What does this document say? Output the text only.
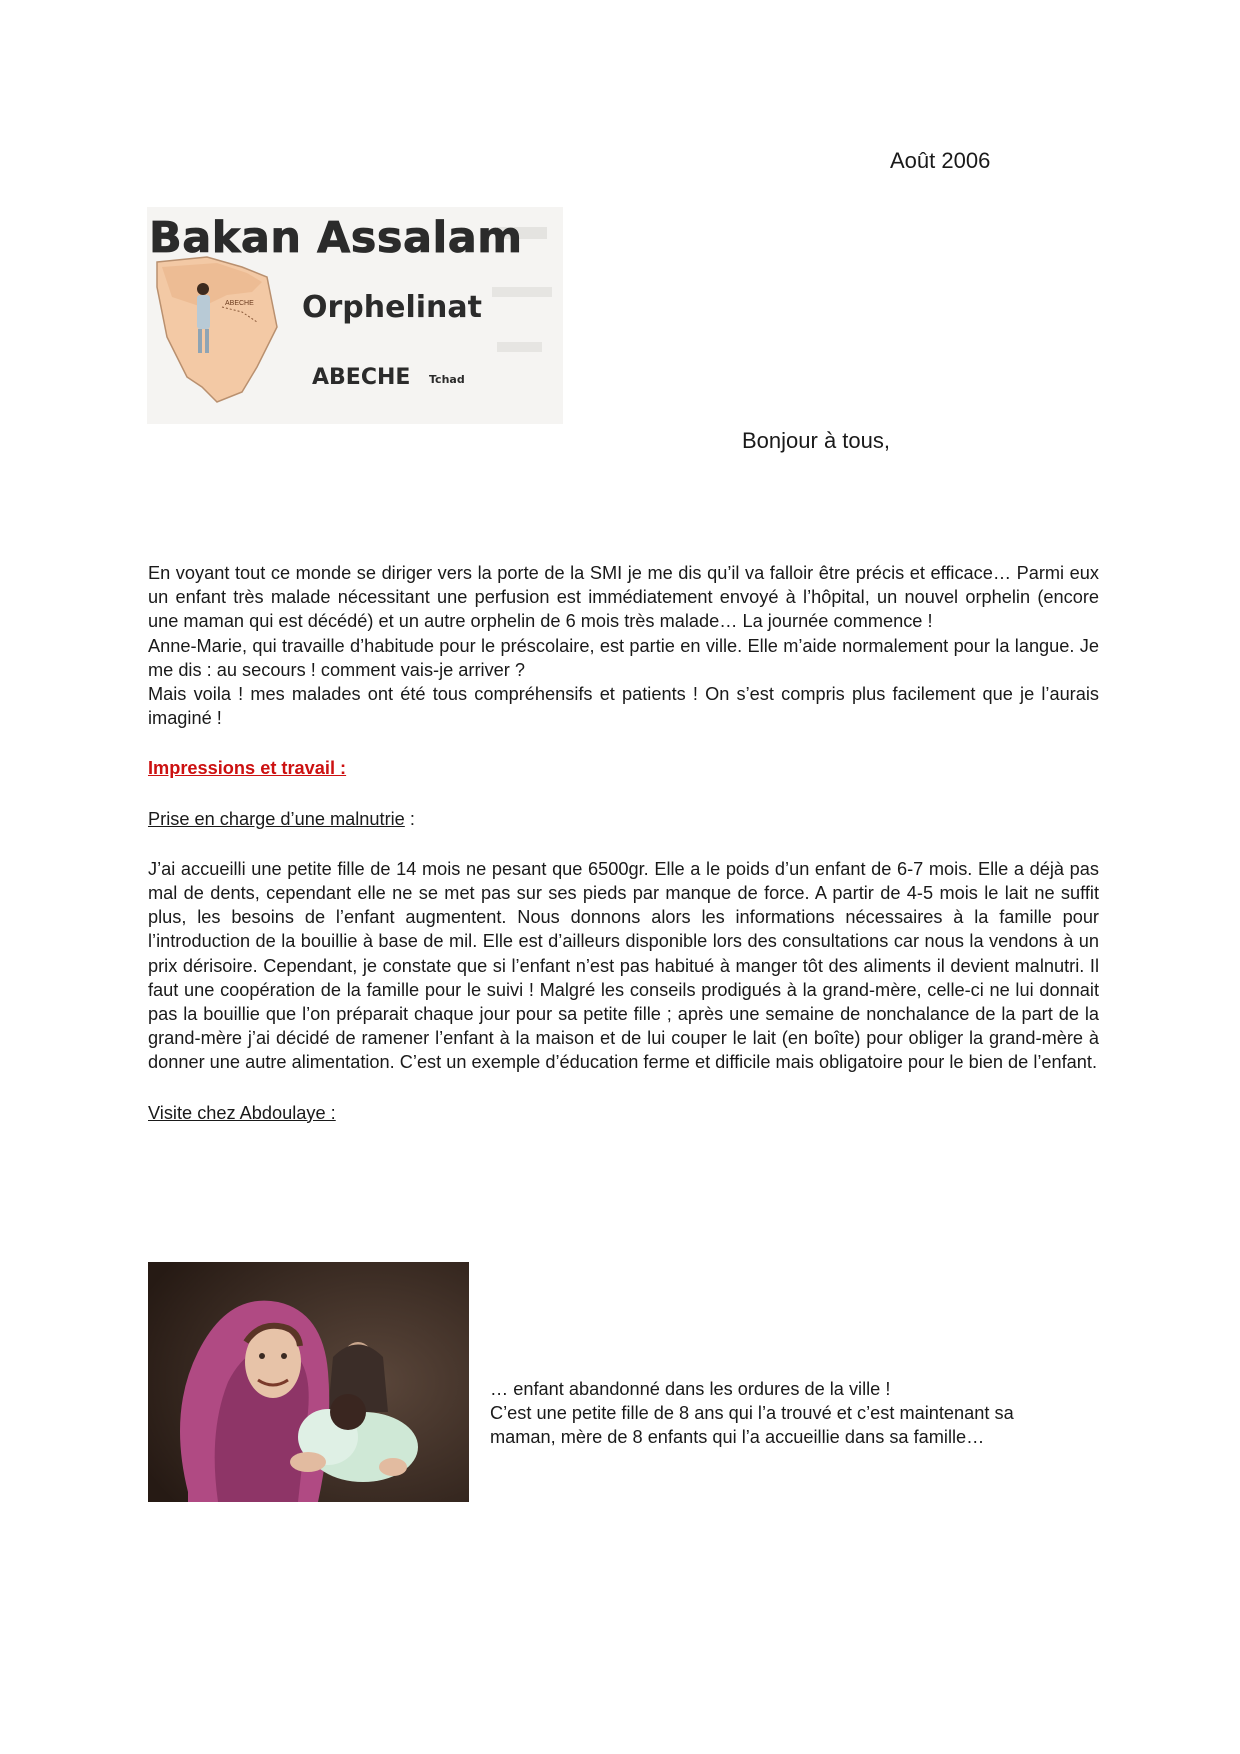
Août 2006
ABECHE
Bakan Assalam
Orphelinat
ABECHE Tchad
Bonjour à tous,

En voyant tout ce monde se diriger vers la porte de la SMI je me dis qu’il va falloir être précis et efficace… Parmi eux un enfant très malade nécessitant une perfusion est immédiatement envoyé à l’hôpital, un nouvel orphelin (encore une maman qui est décédé) et un autre orphelin de 6 mois très malade… La journée commence !

Anne-Marie, qui travaille d’habitude pour le préscolaire, est partie en ville. Elle m’aide normalement pour la langue. Je me dis : au secours ! comment vais-je arriver ?

Mais voila ! mes malades ont été tous compréhensifs et patients ! On s’est compris plus facilement que je l’aurais imaginé !

Impressions et travail :

Prise en charge d’une malnutrie :

J’ai accueilli une petite fille de 14 mois ne pesant que 6500gr. Elle a le poids d’un enfant de 6-7 mois. Elle a déjà pas mal de dents, cependant elle ne se met pas sur ses pieds par manque de force. A partir de 4-5 mois le lait ne suffit plus, les besoins de l’enfant augmentent. Nous donnons alors les informations nécessaires à la famille pour l’introduction de la bouillie à base de mil. Elle est d’ailleurs disponible lors des consultations car nous la vendons à un prix dérisoire. Cependant, je constate que si l’enfant n’est pas habitué à manger tôt des aliments il devient malnutri. Il faut une coopération de la famille pour le suivi ! Malgré les conseils prodigués à la grand-mère, celle-ci ne lui donnait pas la bouillie que l’on préparait chaque jour pour sa petite fille ; après une semaine de nonchalance de la part de la grand-mère j’ai décidé de ramener l’enfant à la maison et de lui couper le lait (en boîte) pour obliger la grand-mère à donner une autre alimentation. C’est un exemple d’éducation ferme et difficile mais obligatoire pour le bien de l’enfant.

Visite chez Abdoulaye :

… enfant abandonné dans les ordures de la ville !
C’est une petite fille de 8 ans qui l’a trouvé et c’est maintenant sa
maman, mère de 8 enfants qui l’a accueillie dans sa famille…
